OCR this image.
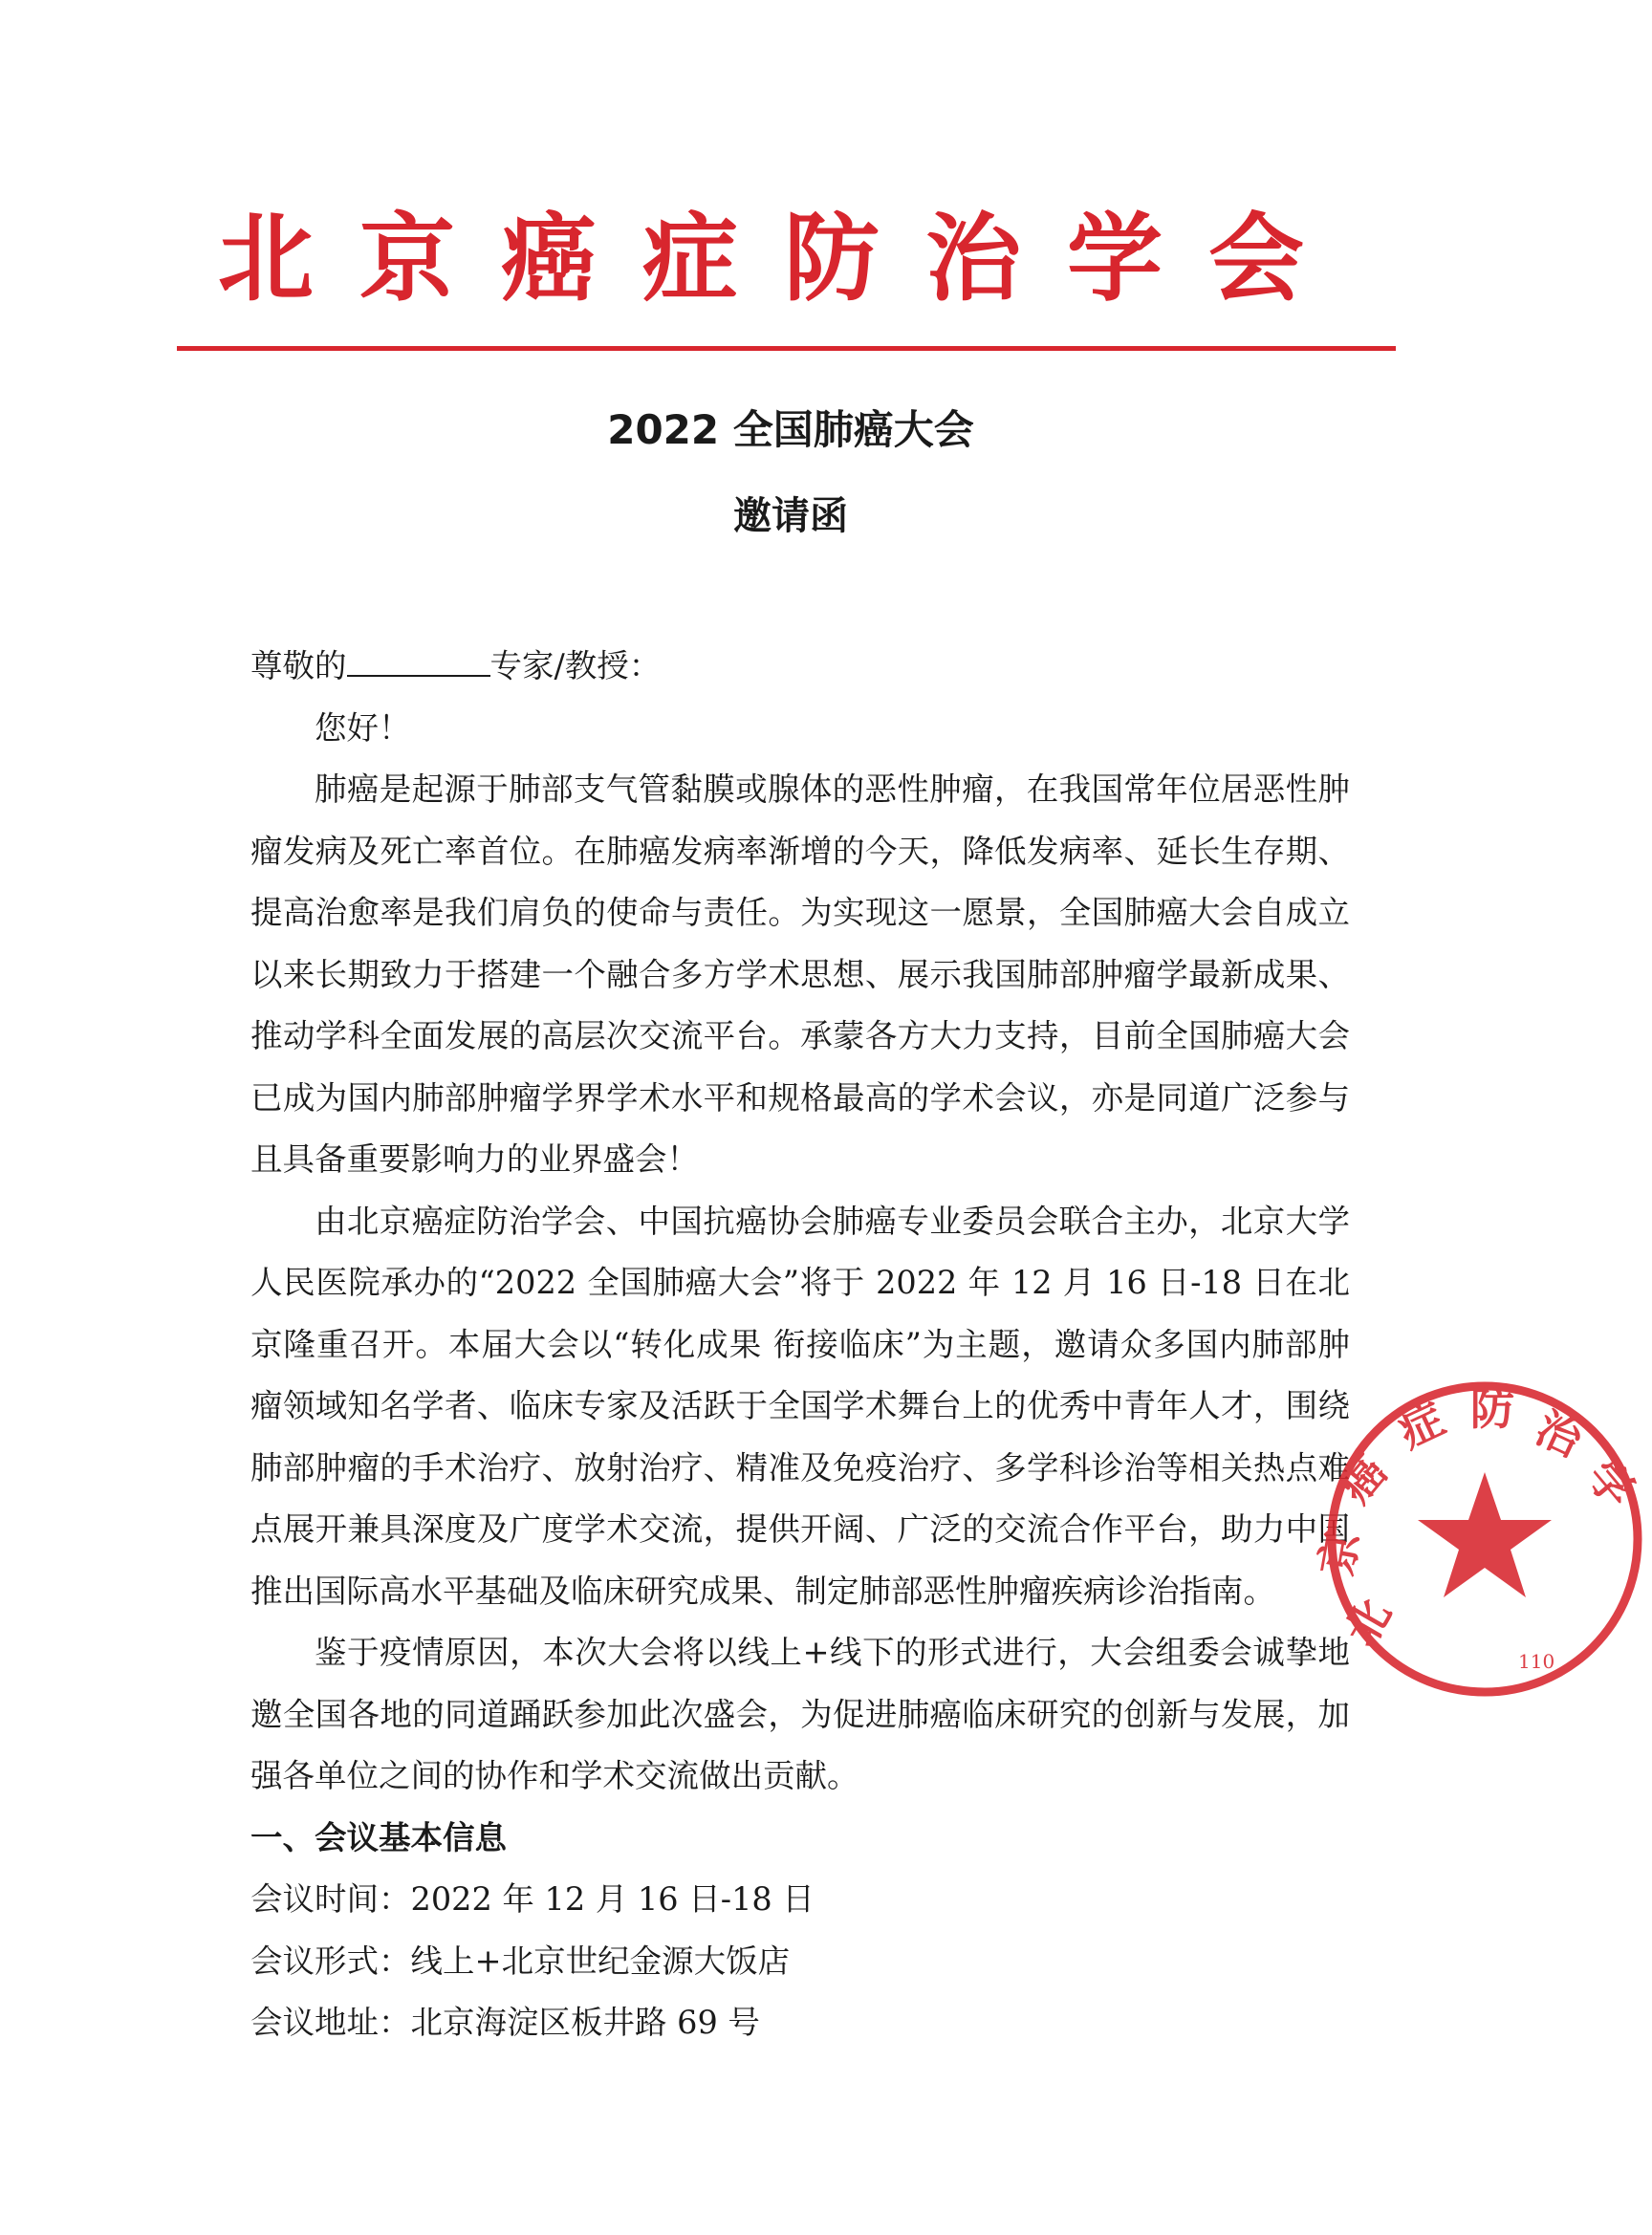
北京癌症防治学会
2022 全国肺癌大会
邀请函

尊敬的	专家/教授：

您好！

肺癌是起源于肺部支气管黏膜或腺体的恶性肿瘤，在我国常年位居恶性肿瘤发病及死亡率首位。在肺癌发病率渐增的今天，降低发病率、延长生存期、提高治愈率是我们肩负的使命与责任。为实现这一愿景，全国肺癌大会自成立以来长期致力于搭建一个融合多方学术思想、展示我国肺部肿瘤学最新成果、推动学科全面发展的高层次交流平台。承蒙各方大力支持，目前全国肺癌大会已成为国内肺部肿瘤学界学术水平和规格最高的学术会议，亦是同道广泛参与且具备重要影响力的业界盛会！

由北京癌症防治学会、中国抗癌协会肺癌专业委员会联合主办，北京大学人民医院承办的“2022 全国肺癌大会”将于 2022 年 12 月 16 日-18 日在北京隆重召开。本届大会以“转化成果 衔接临床”为主题，邀请众多国内肺部肿瘤领域知名学者、临床专家及活跃于全国学术舞台上的优秀中青年人才，围绕肺部肿瘤的手术治疗、放射治疗、精准及免疫治疗、多学科诊治等相关热点难点展开兼具深度及广度学术交流，提供开阔、广泛的交流合作平台，助力中国推出国际高水平基础及临床研究成果、制定肺部恶性肿瘤疾病诊治指南。

鉴于疫情原因，本次大会将以线上+线下的形式进行，大会组委会诚挚地邀全国各地的同道踊跃参加此次盛会，为促进肺癌临床研究的创新与发展，加强各单位之间的协作和学术交流做出贡献。

一、会议基本信息

会议时间：2022 年 12 月 16 日-18 日

会议形式：线上+北京世纪金源大饭店

会议地址：北京海淀区板井路 69 号

北
京
癌
症 防 治
学
110
